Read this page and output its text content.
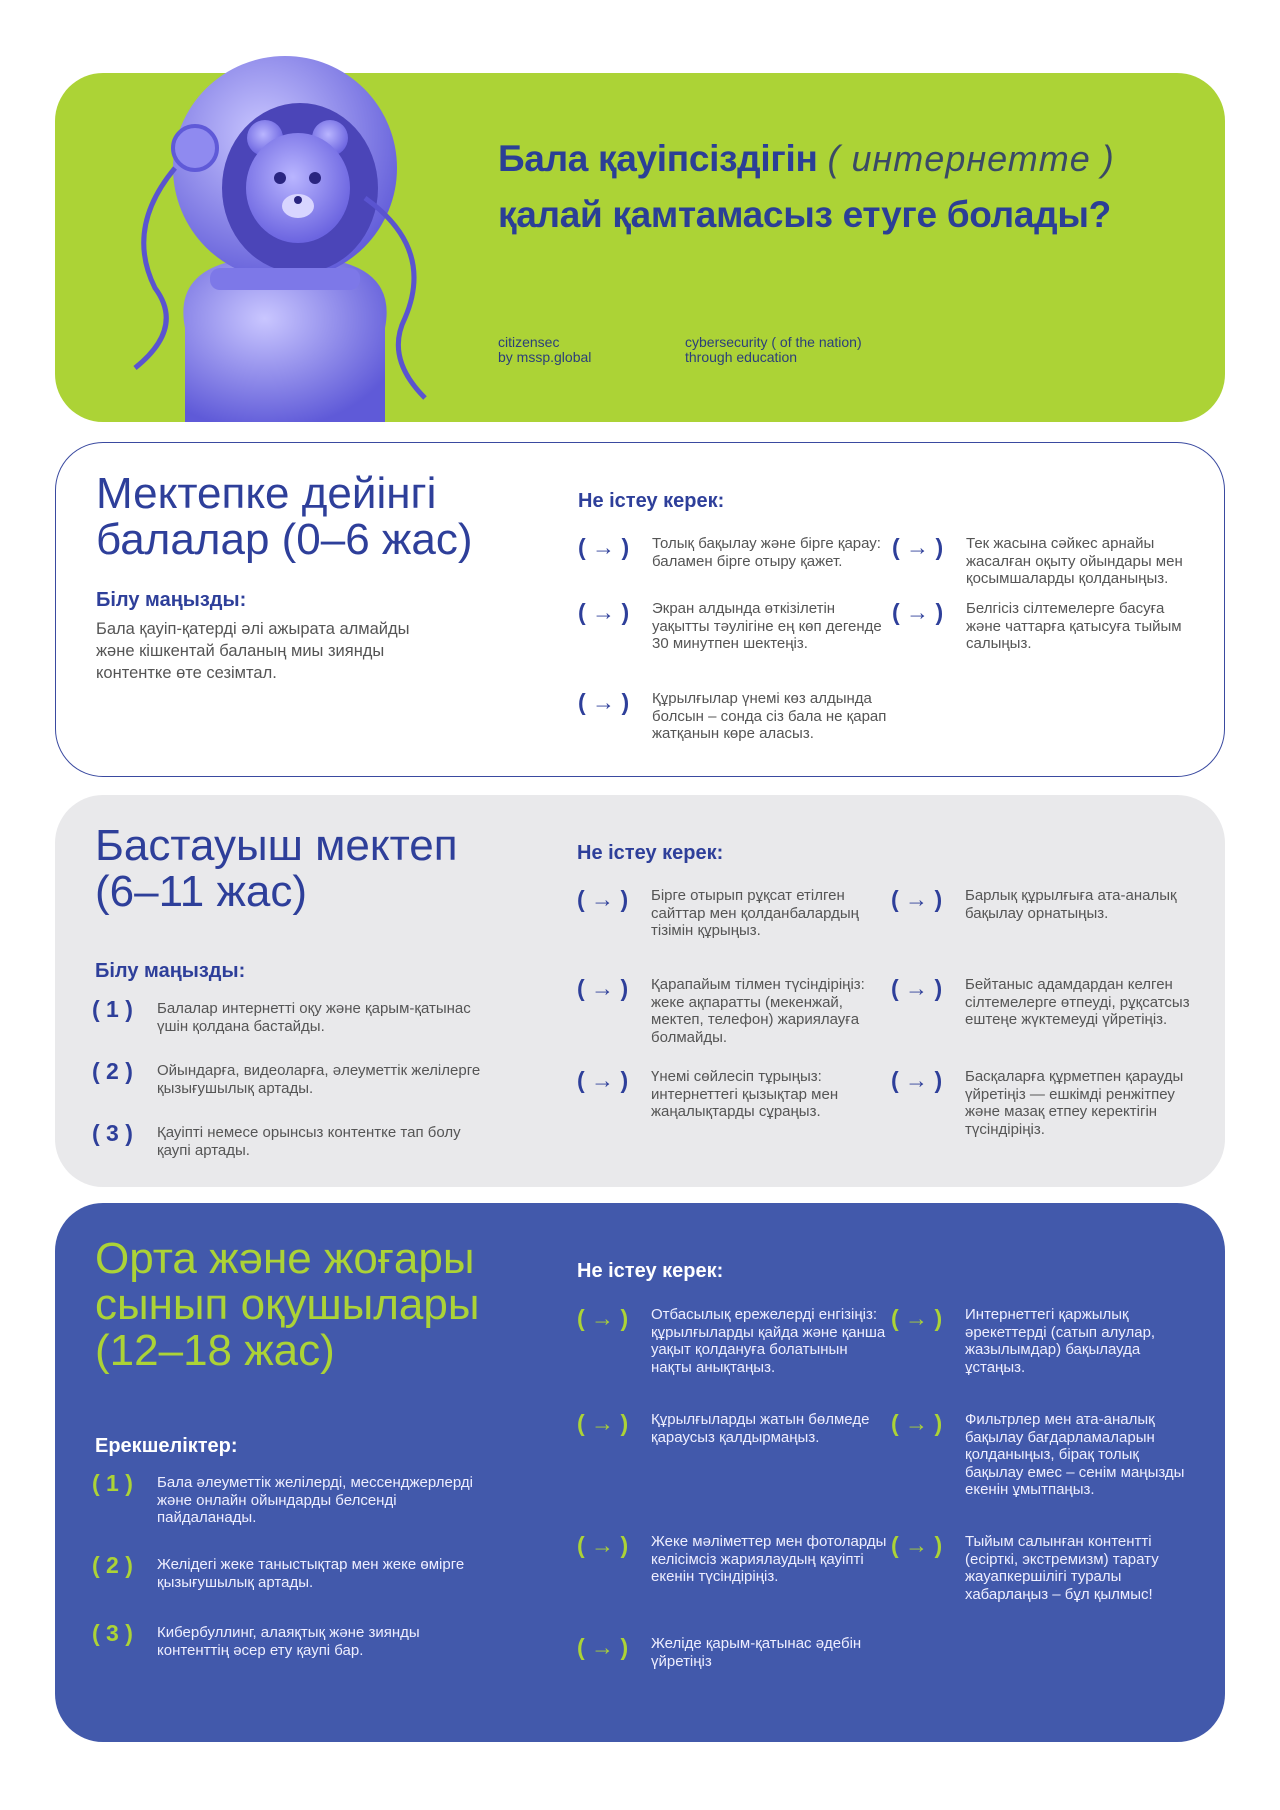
Бала қауіпсіздігін ( интернетте )
қалай қамтамасыз етуге болады?
citizensec
by mssp.global
cybersecurity ( of the nation)
through education
Мектепке дейінгі
балалар (0–6 жас)
Білу маңызды:
Бала қауіп-қатерді әлі ажырата алмайды және кішкентай баланың миы зиянды контентке өте сезімтал.
Не істеу керек:
( → )	Толық бақылау және бірге қарау: баламен бірге отыру қажет.
( → )	Тек жасына сәйкес арнайы жасалған оқыту ойындары мен қосымшаларды қолданыңыз.
( → )	Экран алдында өткізілетін уақытты тәулігіне ең көп дегенде 30 минутпен шектеңіз.
( → )	Белгісіз сілтемелерге басуға және чаттарға қатысуға тыйым салыңыз.
( → )	Құрылғылар үнемі көз алдында болсын – сонда сіз бала не қарап жатқанын көре аласыз.
Бастауыш мектеп
(6–11 жас)
Білу маңызды:
( 1 ) Балалар интернетті оқу және қарым-қатынас үшін қолдана бастайды.
( 2 ) Ойындарға, видеоларға, әлеуметтік желілерге қызығушылық артады.
( 3 ) Қауіпті немесе орынсыз контентке тап болу қаупі артады.
Не істеу керек:
( → )	Бірге отырып рұқсат етілген сайттар мен қолданбалардың тізімін құрыңыз.
( → )	Барлық құрылғыға ата-аналық бақылау орнатыңыз.
( → )	Қарапайым тілмен түсіндіріңіз: жеке ақпаратты (мекенжай, мектеп, телефон) жариялауға болмайды.
( → )	Бейтаныс адамдардан келген сілтемелерге өтпеуді, рұқсатсыз ештеңе жүктемеуді үйретіңіз.
( → )	Үнемі сөйлесіп тұрыңыз: интернеттегі қызықтар мен жаңалықтарды сұраңыз.
( → )	Басқаларға құрметпен қарауды үйретіңіз — ешкімді ренжітпеу және мазақ етпеу керектігін түсіндіріңіз.
Орта және жоғары
сынып оқушылары
(12–18 жас)
Ерекшеліктер:
( 1 ) Бала әлеуметтік желілерді, мессенджерлерді және онлайн ойындарды белсенді пайдаланады.
( 2 ) Желідегі жеке таныстықтар мен жеке өмірге қызығушылық артады.
( 3 ) Кибербуллинг, алаяқтық және зиянды контенттің әсер ету қаупі бар.
Не істеу керек:
( → )	Отбасылық ережелерді енгізіңіз: құрылғыларды қайда және қанша уақыт қолдануға болатынын нақты анықтаңыз.
( → )	Интернеттегі қаржылық әрекеттерді (сатып алулар, жазылымдар) бақылауда ұстаңыз.
( → )	Құрылғыларды жатын бөлмеде қараусыз қалдырмаңыз.
( → )	Фильтрлер мен ата-аналық бақылау бағдарламаларын қолданыңыз, бірақ толық бақылау емес – сенім маңызды екенін ұмытпаңыз.
( → )	Жеке мәліметтер мен фотоларды келісімсіз жариялаудың қауіпті екенін түсіндіріңіз.
( → )	Тыйым салынған контентті (есірткі, экстремизм) тарату жауапкершілігі туралы хабарлаңыз – бұл қылмыс!
( → )	Желіде қарым-қатынас әдебін үйретіңіз
